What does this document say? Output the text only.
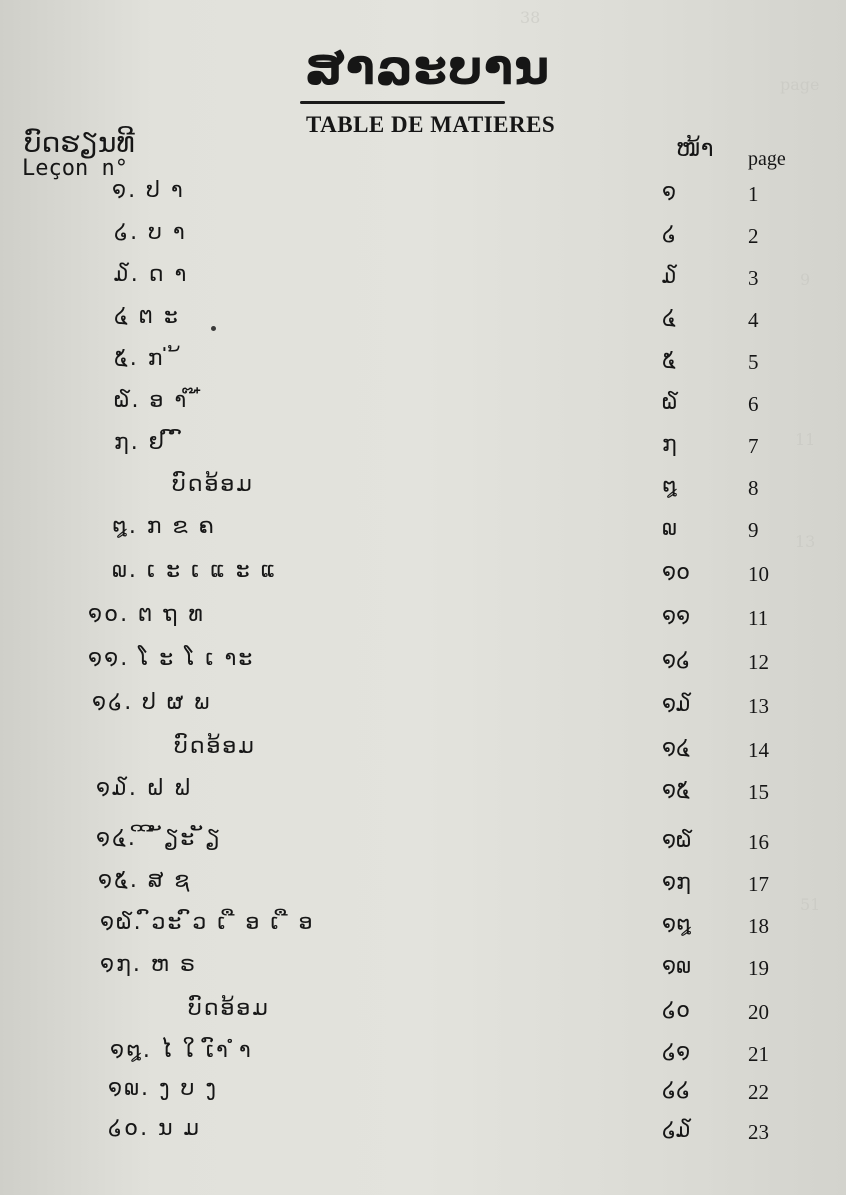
38
page
9
11
13
51
ສາລະບານ
TABLE DE MATIERES
ບົດຮຽນທີ
Leçon n°
ໜ້າ page
໑. ປ າ	໑	1
໒. ບ າ	໒	2
໓. ດ າ	໓	3
໔ ຕ ະ	໔	4
໕. ກ ່ ້	໕	5
໖. ອ າ ໊ ໋	໖	6
໗. ຢ ົ ົ	໗	7
ບົດອ້ອມ	໘	8
໘. ກ ຂ ຄ	໙	9
໙. ເ ະ ເ ແ ະ ແ	໑໐	10
໑໐. ຕ ຖ ທ	໑໑	11
໑໑. ໂ ະ ໂ ເ າະ	໑໒	12
໑໒. ປ ຜ ພ	໑໓	13
ບົດອ້ອມ	໑໔	14
໑໓. ຝ ຟ	໑໕	15
໑໔. ິ ີ ັຽະ ັຽ	໑໖	16
໑໕. ສ ຊ	໑໗	17
໑໖. ົວະ ົວ ເ ື ອ ເ ື ອ	໑໘	18
໑໗. ຫ ຣ	໑໙	19
ບົດອ້ອມ	໒໐	20
໑໘. ໄ ໃ ເົາ ໍາ	໒໑	21
໑໙. ງ ບ ງ	໒໒	22
໒໐. ນ ມ	໒໓	23
